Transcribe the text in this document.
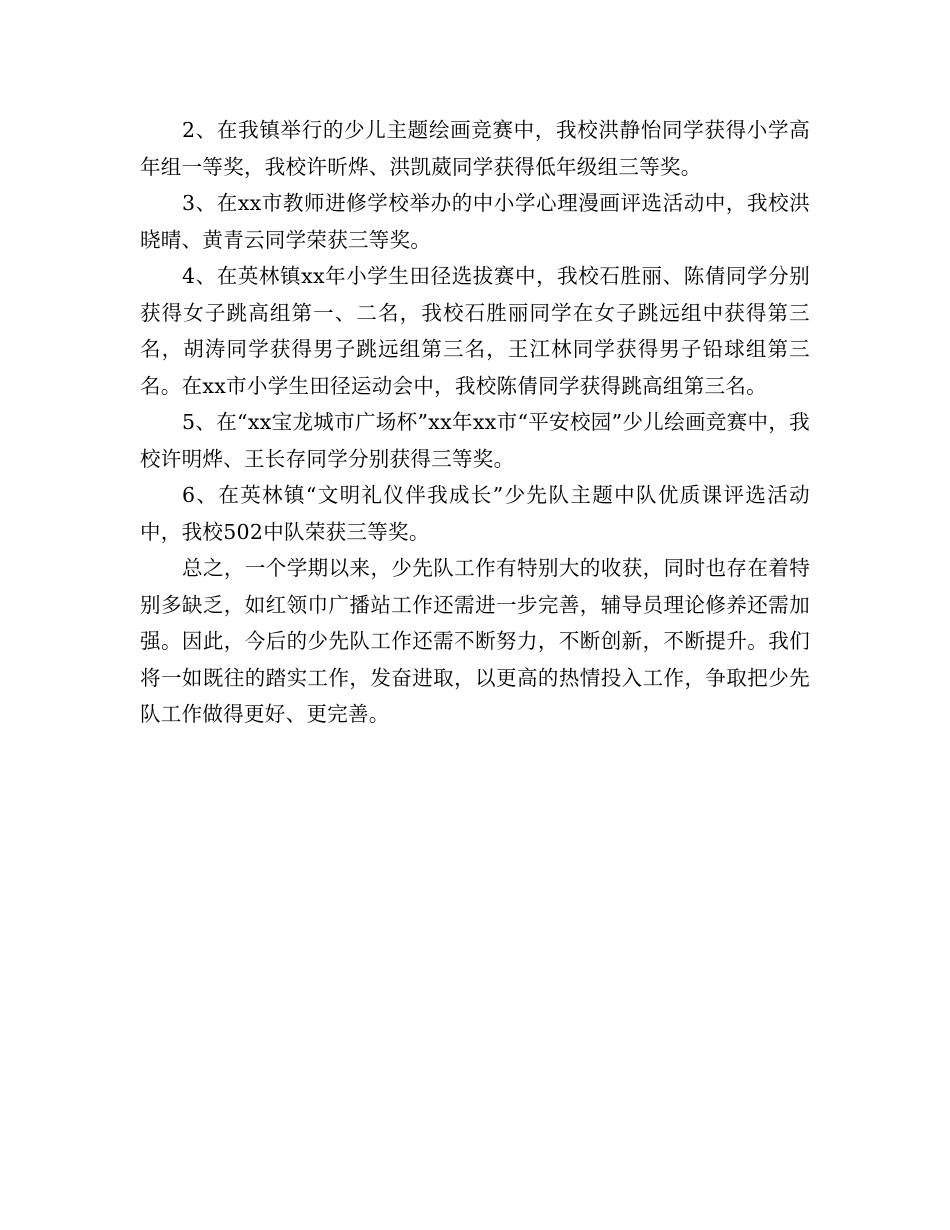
2、在我镇举行的少儿主题绘画竞赛中，我校洪静怡同学获得小学高年组一等奖，我校许昕烨、洪凯葳同学获得低年级组三等奖。

3、在xx市教师进修学校举办的中小学心理漫画评选活动中，我校洪晓晴、黄青云同学荣获三等奖。

4、在英林镇xx年小学生田径选拔赛中，我校石胜丽、陈倩同学分别获得女子跳高组第一、二名，我校石胜丽同学在女子跳远组中获得第三名，胡涛同学获得男子跳远组第三名，王江林同学获得男子铅球组第三名。在xx市小学生田径运动会中，我校陈倩同学获得跳高组第三名。

5、在“xx宝龙城市广场杯”xx年xx市“平安校园”少儿绘画竞赛中，我校许明烨、王长存同学分别获得三等奖。

6、在英林镇“文明礼仪伴我成长”少先队主题中队优质课评选活动中，我校502中队荣获三等奖。

总之，一个学期以来，少先队工作有特别大的收获，同时也存在着特别多缺乏，如红领巾广播站工作还需进一步完善，辅导员理论修养还需加强。因此，今后的少先队工作还需不断努力，不断创新，不断提升。我们将一如既往的踏实工作，发奋进取，以更高的热情投入工作，争取把少先队工作做得更好、更完善。
